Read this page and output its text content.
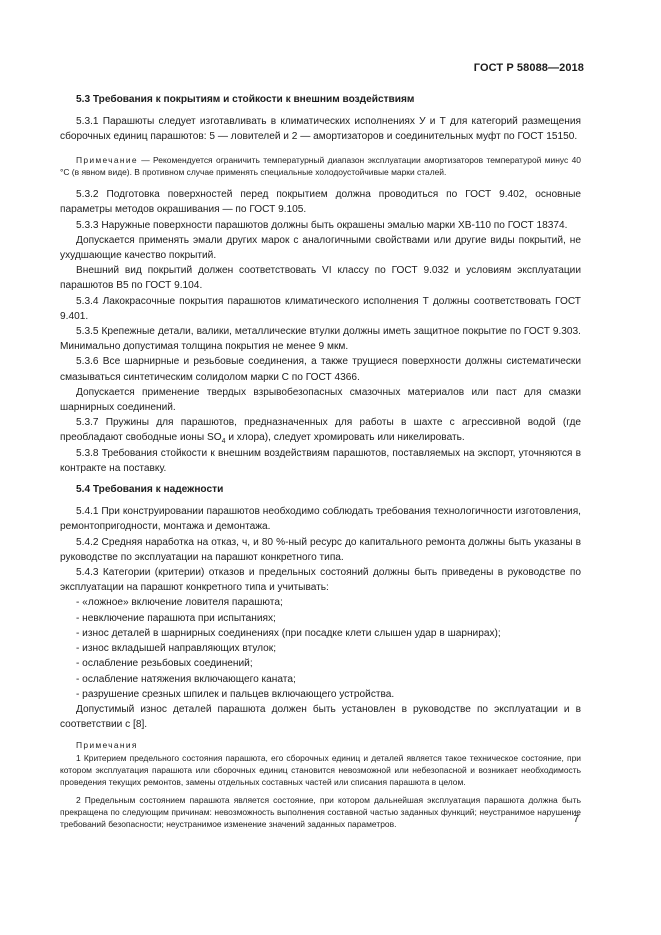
ГОСТ Р 58088—2018

5.3 Требования к покрытиям и стойкости к внешним воздействиям

5.3.1 Парашюты следует изготавливать в климатических исполнениях У и Т для категорий размещения сборочных единиц парашютов: 5 — ловителей и 2 — амортизаторов и соединительных муфт по ГОСТ 15150.

Примечание — Рекомендуется ограничить температурный диапазон эксплуатации амортизаторов температурой минус 40 °С (в явном виде). В противном случае применять специальные холодоустойчивые марки сталей.

5.3.2 Подготовка поверхностей перед покрытием должна проводиться по ГОСТ 9.402, основные параметры методов окрашивания — по ГОСТ 9.105.

5.3.3 Наружные поверхности парашютов должны быть окрашены эмалью марки ХВ-110 по ГОСТ 18374.

Допускается применять эмали других марок с аналогичными свойствами или другие виды покрытий, не ухудшающие качество покрытий.

Внешний вид покрытий должен соответствовать VI классу по ГОСТ 9.032 и условиям эксплуатации парашютов В5 по ГОСТ 9.104.

5.3.4 Лакокрасочные покрытия парашютов климатического исполнения Т должны соответствовать ГОСТ 9.401.

5.3.5 Крепежные детали, валики, металлические втулки должны иметь защитное покрытие по ГОСТ 9.303. Минимально допустимая толщина покрытия не менее 9 мкм.

5.3.6 Все шарнирные и резьбовые соединения, а также трущиеся поверхности должны систематически смазываться синтетическим солидолом марки С по ГОСТ 4366.

Допускается применение твердых взрывобезопасных смазочных материалов или паст для смазки шарнирных соединений.

5.3.7 Пружины для парашютов, предназначенных для работы в шахте с агрессивной водой (где преобладают свободные ионы $SO_4$ и хлора), следует хромировать или никелировать.

5.3.8 Требования стойкости к внешним воздействиям парашютов, поставляемых на экспорт, уточняются в контракте на поставку.

5.4 Требования к надежности

5.4.1 При конструировании парашютов необходимо соблюдать требования технологичности изготовления, ремонтопригодности, монтажа и демонтажа.

5.4.2 Средняя наработка на отказ, ч, и 80 %-ный ресурс до капитального ремонта должны быть указаны в руководстве по эксплуатации на парашют конкретного типа.

5.4.3 Категории (критерии) отказов и предельных состояний должны быть приведены в руководстве по эксплуатации на парашют конкретного типа и учитывать:

- «ложное» включение ловителя парашюта;

- невключение парашюта при испытаниях;

- износ деталей в шарнирных соединениях (при посадке клети слышен удар в шарнирах);

- износ вкладышей направляющих втулок;

- ослабление резьбовых соединений;

- ослабление натяжения включающего каната;

- разрушение срезных шпилек и пальцев включающего устройства.

Допустимый износ деталей парашюта должен быть установлен в руководстве по эксплуатации и в соответствии с [8].

Примечания

1 Критерием предельного состояния парашюта, его сборочных единиц и деталей является такое техническое состояние, при котором эксплуатация парашюта или сборочных единиц становится невозможной или небезопасной и возникает необходимость проведения текущих ремонтов, замены отдельных составных частей или списания парашюта в целом.

2 Предельным состоянием парашюта является состояние, при котором дальнейшая эксплуатация парашюта должна быть прекращена по следующим причинам: невозможность выполнения составной частью заданных функций; неустранимое нарушение требований безопасности; неустранимое изменение значений заданных параметров.	7
